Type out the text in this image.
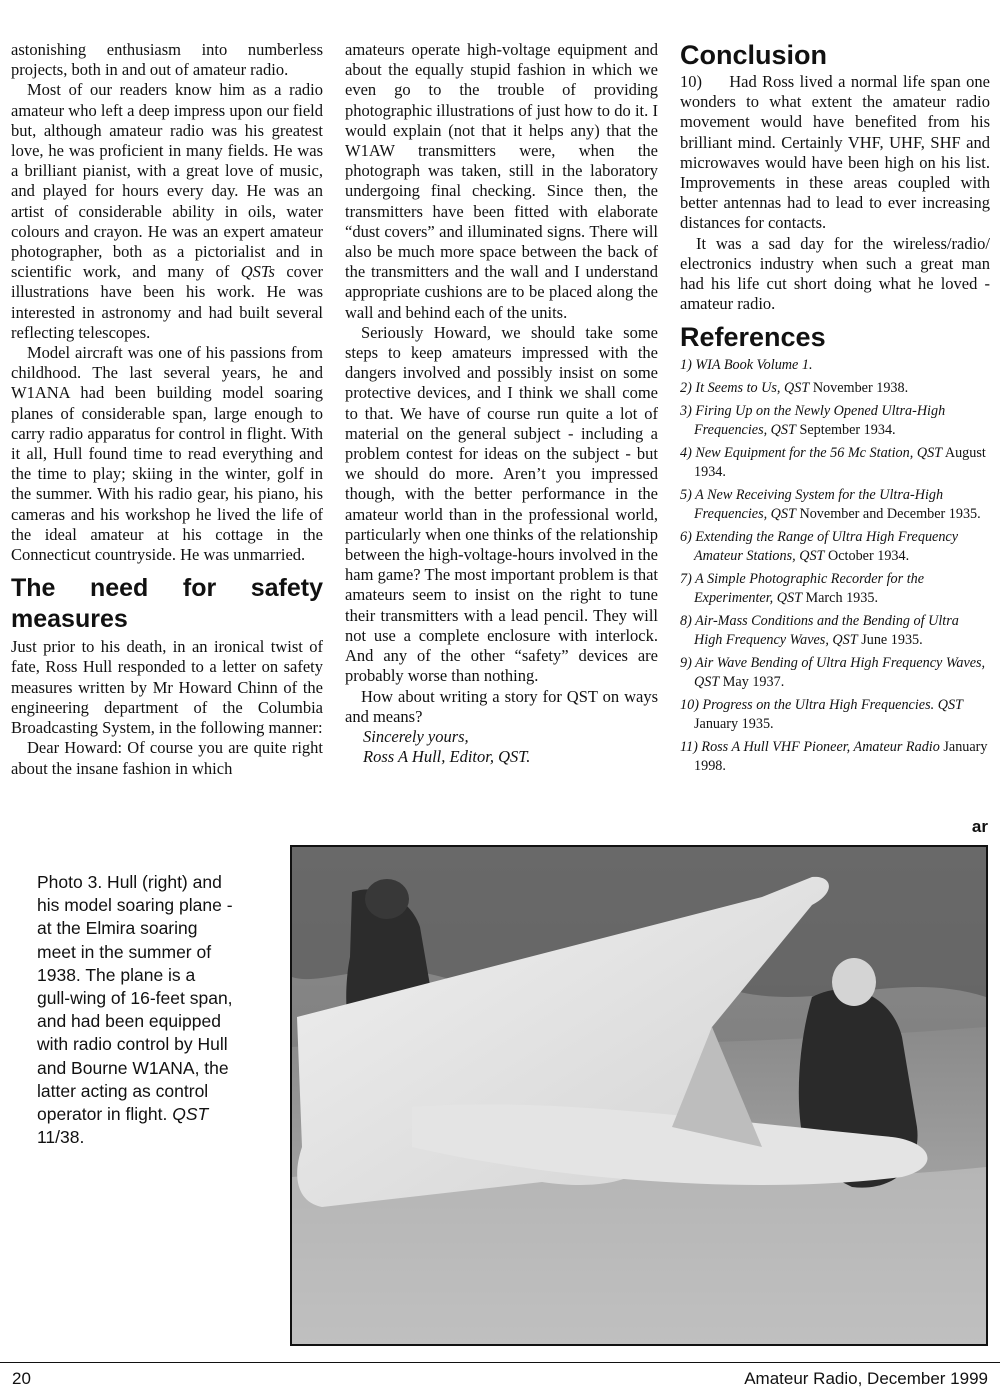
astonishing enthusiasm into numberless projects, both in and out of amateur radio.

Most of our readers know him as a radio amateur who left a deep impress upon our field but, although amateur radio was his greatest love, he was proficient in many fields. He was a brilliant pianist, with a great love of music, and played for hours every day. He was an artist of considerable ability in oils, water colours and crayon. He was an expert amateur photographer, both as a pictorialist and in scientific work, and many of QSTs cover illustrations have been his work. He was interested in astronomy and had built several reflecting telescopes.

Model aircraft was one of his passions from childhood. The last several years, he and W1ANA had been building model soaring planes of considerable span, large enough to carry radio apparatus for control in flight. With it all, Hull found time to read everything and the time to play; skiing in the winter, golf in the summer. With his radio gear, his piano, his cameras and his workshop he lived the life of the ideal amateur at his cottage in the Connecticut countryside. He was unmarried.

The need for safety measures

Just prior to his death, in an ironical twist of fate, Ross Hull responded to a letter on safety measures written by Mr Howard Chinn of the engineering department of the Columbia Broadcasting System, in the following manner:

Dear Howard: Of course you are quite right about the insane fashion in which

amateurs operate high-voltage equipment and about the equally stupid fashion in which we even go to the trouble of providing photographic illustrations of just how to do it. I would explain (not that it helps any) that the W1AW transmitters were, when the photograph was taken, still in the laboratory undergoing final checking. Since then, the transmitters have been fitted with elaborate “dust covers” and illuminated signs. There will also be much more space between the back of the transmitters and the wall and I understand appropriate cushions are to be placed along the wall and behind each of the units.

Seriously Howard, we should take some steps to keep amateurs impressed with the dangers involved and possibly insist on some protective devices, and I think we shall come to that. We have of course run quite a lot of material on the general subject - including a problem contest for ideas on the subject - but we should do more. Aren’t you impressed though, with the better performance in the amateur world than in the professional world, particularly when one thinks of the relationship between the high-voltage-hours involved in the ham game? The most important problem is that amateurs seem to insist on the right to tune their transmitters with a lead pencil. They will not use a complete enclosure with interlock. And any of the other “safety” devices are probably worse than nothing.

How about writing a story for QST on ways and means?

Sincerely yours,

Ross A Hull, Editor, QST.

Conclusion

10)     Had Ross lived a normal life span one wonders to what extent the amateur radio movement would have benefited from his brilliant mind. Certainly VHF, UHF, SHF and microwaves would have been high on his list. Improvements in these areas coupled with better antennas had to lead to ever increasing distances for contacts.

It was a sad day for the wireless/radio/ electronics industry when such a great man had his life cut short doing what he loved - amateur radio.

References
1) WIA Book Volume 1.
2) It Seems to Us, QST November 1938.
3) Firing Up on the Newly Opened Ultra-High Frequencies, QST September 1934.
4) New Equipment for the 56 Mc Station, QST August 1934.
5) A New Receiving System for the Ultra-High Frequencies, QST November and December 1935.
6) Extending the Range of Ultra High Frequency Amateur Stations, QST October 1934.
7) A Simple Photographic Recorder for the Experimenter, QST March 1935.
8) Air-Mass Conditions and the Bending of Ultra High Frequency Waves, QST June 1935.
9) Air Wave Bending of Ultra High Frequency Waves, QST May 1937.
10) Progress on the Ultra High Frequencies. QST January 1935.
11) Ross A Hull VHF Pioneer, Amateur Radio January 1998.
ar
Photo 3. Hull (right) and his model soaring plane - at the Elmira soaring meet in the summer of 1938. The plane is a gull-wing of 16-feet span, and had been equipped with radio control by Hull and Bourne W1ANA, the latter acting as control operator in flight. QST 11/38.
20	Amateur Radio, December 1999
